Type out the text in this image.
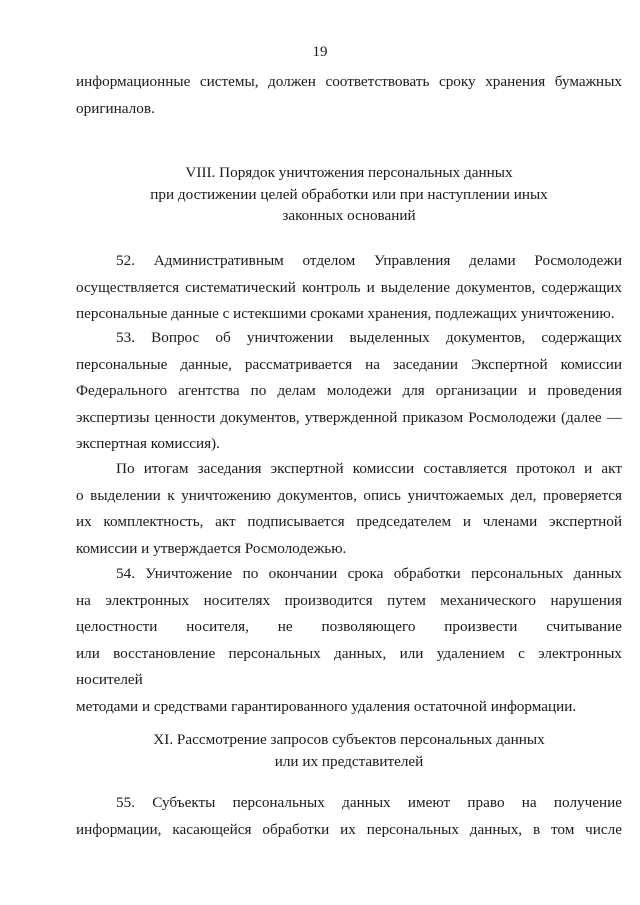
19
информационные системы, должен соответствовать сроку хранения бумажных
оригиналов.
VIII. Порядок уничтожения персональных данных
при достижении целей обработки или при наступлении иных
законных оснований
52. Административным отделом Управления делами Росмолодежи
осуществляется систематический контроль и выделение документов, содержащих
персональные данные с истекшими сроками хранения, подлежащих уничтожению.
53. Вопрос об уничтожении выделенных документов, содержащих
персональные данные, рассматривается на заседании Экспертной комиссии
Федерального агентства по делам молодежи для организации и проведения
экспертизы ценности документов, утвержденной приказом Росмолодежи (далее —
экспертная комиссия).
По итогам заседания экспертной комиссии составляется протокол и акт
о выделении к уничтожению документов, опись уничтожаемых дел, проверяется
их комплектность, акт подписывается председателем и членами экспертной
комиссии и утверждается Росмолодежью.
54. Уничтожение по окончании срока обработки персональных данных
на электронных носителях производится путем механического нарушения
целостности носителя, не позволяющего произвести считывание
или восстановление персональных данных, или удалением с электронных носителей
методами и средствами гарантированного удаления остаточной информации.
XI. Рассмотрение запросов субъектов персональных данных
или их представителей
55. Субъекты персональных данных имеют право на получение
информации, касающейся обработки их персональных данных, в том числе
